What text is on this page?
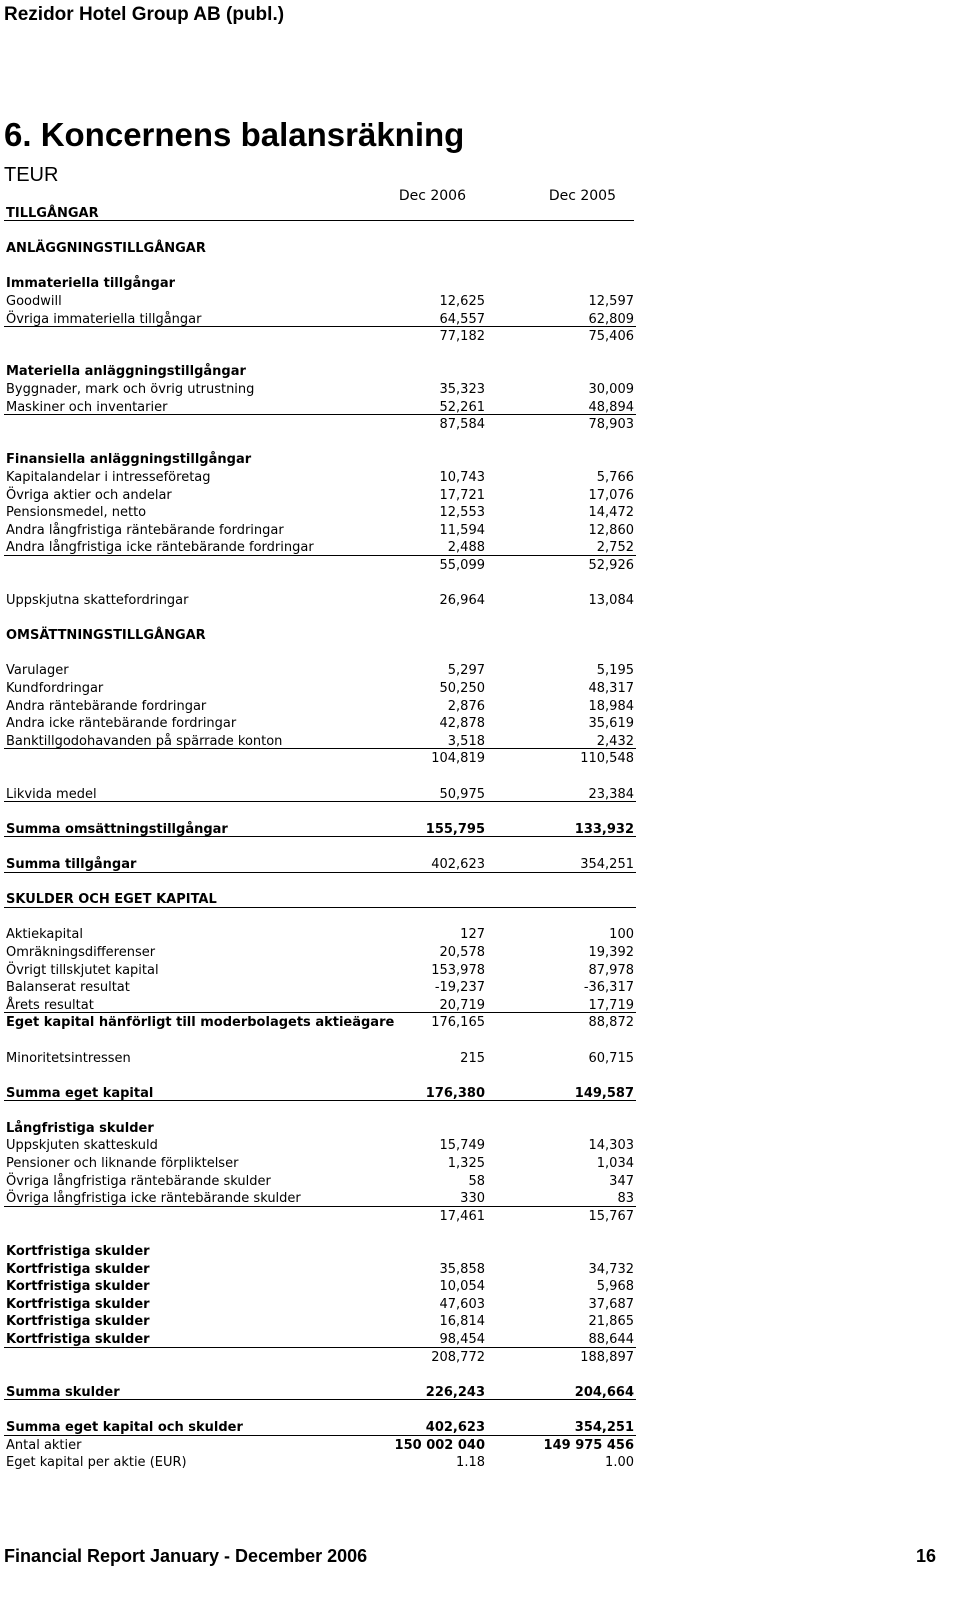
Rezidor Hotel Group AB (publ.)
6. Koncernens balansräkning
TEUR
Dec 2006	Dec 2005
TILLGÅNGAR
ANLÄGGNINGSTILLGÅNGAR
Immateriella tillgångar
Goodwill	12,625	12,597
Övriga immateriella tillgångar	64,557	62,809
77,182	75,406
Materiella anläggningstillgångar
Byggnader, mark och övrig utrustning	35,323	30,009
Maskiner och inventarier	52,261	48,894
87,584	78,903
Finansiella anläggningstillgångar
Kapitalandelar i intresseföretag	10,743	5,766
Övriga aktier och andelar	17,721	17,076
Pensionsmedel, netto	12,553	14,472
Andra långfristiga räntebärande fordringar	11,594	12,860
Andra långfristiga icke räntebärande fordringar	2,488	2,752
55,099	52,926
Uppskjutna skattefordringar	26,964	13,084
OMSÄTTNINGSTILLGÅNGAR
Varulager	5,297	5,195
Kundfordringar	50,250	48,317
Andra räntebärande fordringar	2,876	18,984
Andra icke räntebärande fordringar	42,878	35,619
Banktillgodohavanden på spärrade konton	3,518	2,432
104,819	110,548
Likvida medel	50,975	23,384
Summa omsättningstillgångar	155,795	133,932
Summa tillgångar	402,623	354,251
SKULDER OCH EGET KAPITAL
Aktiekapital	127	100
Omräkningsdifferenser	20,578	19,392
Övrigt tillskjutet kapital	153,978	87,978
Balanserat resultat	-19,237	-36,317
Årets resultat	20,719	17,719
Eget kapital hänförligt till moderbolagets aktieägare	176,165	88,872
Minoritetsintressen	215	60,715
Summa eget kapital	176,380	149,587
Långfristiga skulder
Uppskjuten skatteskuld	15,749	14,303
Pensioner och liknande förpliktelser	1,325	1,034
Övriga långfristiga räntebärande skulder	58	347
Övriga långfristiga icke räntebärande skulder	330	83
17,461	15,767
Kortfristiga skulder
Kortfristiga skulder	35,858	34,732
Kortfristiga skulder	10,054	5,968
Kortfristiga skulder	47,603	37,687
Kortfristiga skulder	16,814	21,865
Kortfristiga skulder	98,454	88,644
208,772	188,897
Summa skulder	226,243	204,664
Summa eget kapital och skulder	402,623	354,251
Antal aktier	150 002 040	149 975 456
Eget kapital per aktie (EUR)	1.18	1.00
Financial Report January - December 2006	16
